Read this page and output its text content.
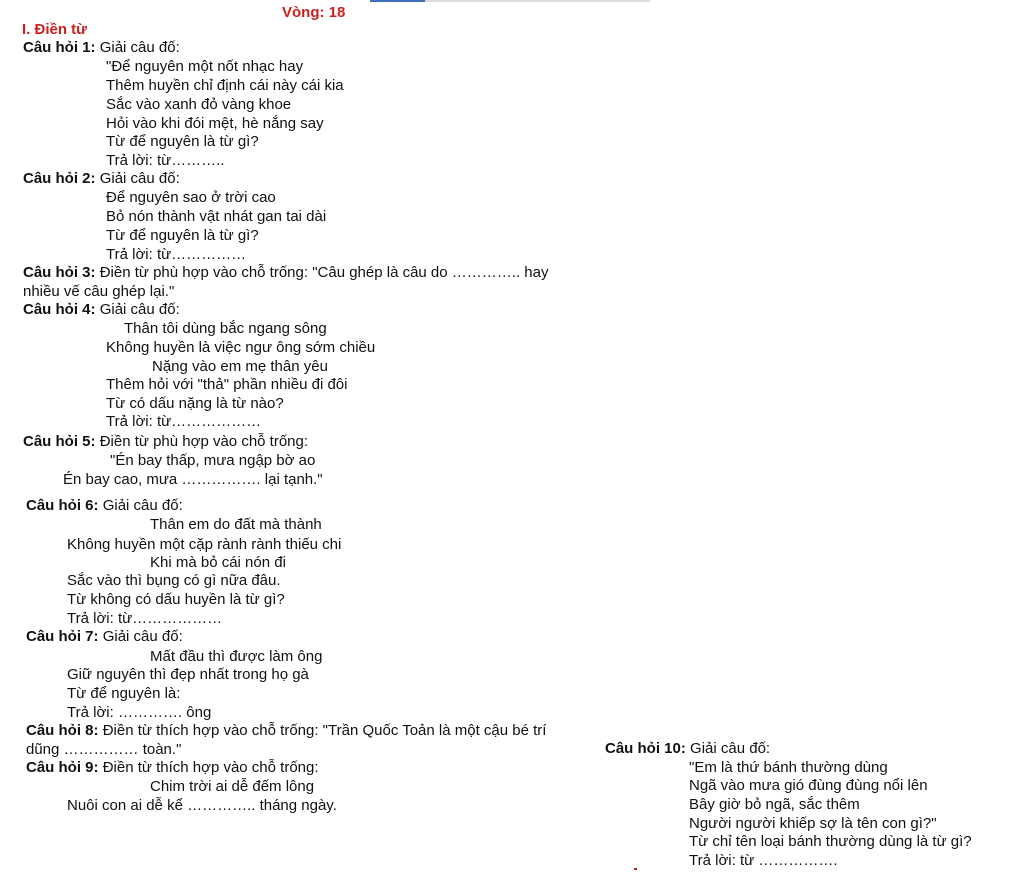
Vòng: 18
I. Điền từ
Câu hỏi 1: Giải câu đố:
"Để nguyên một nốt nhạc hay
Thêm huyền chỉ định cái này cái kia
Sắc vào xanh đỏ vàng khoe
Hỏi vào khi đói mệt, hè nắng say
Từ để nguyên là từ gì?
Trả lời: từ………..
Câu hỏi 2: Giải câu đố:
Để nguyên sao ở trời cao
Bỏ nón thành vật nhát gan tai dài
Từ để nguyên là từ gì?
Trả lời: từ……………
Câu hỏi 3: Điền từ phù hợp vào chỗ trống: "Câu ghép là câu do ………….. hay
nhiều vế câu ghép lại."
Câu hỏi 4: Giải câu đố:
Thân tôi dùng bắc ngang sông
Không huyền là việc ngư ông sớm chiều
Nặng vào em mẹ thân yêu
Thêm hỏi với "thả" phần nhiều đi đôi
Từ có dấu nặng là từ nào?
Trả lời: từ………………
Câu hỏi 5: Điền từ phù hợp vào chỗ trống:
"Én bay thấp, mưa ngập bờ ao
Én bay cao, mưa ……………. lại tạnh."
Câu hỏi 6: Giải câu đố:
Thân em do đất mà thành
Không huyền một cặp rành rành thiếu chi
Khi mà bỏ cái nón đi
Sắc vào thì bụng có gì nữa đâu.
Từ không có dấu huyền là từ gì?
Trả lời: từ………………
Câu hỏi 7: Giải câu đố:
Mất đầu thì được làm ông
Giữ nguyên thì đẹp nhất trong họ gà
Từ để nguyên là:
Trả lời: …………. ông
Câu hỏi 8: Điền từ thích hợp vào chỗ trống: "Trần Quốc Toản là một cậu bé trí
dũng …………… toàn."
Câu hỏi 9: Điền từ thích hợp vào chỗ trống:
Chim trời ai dễ đếm lông
Nuôi con ai dễ kể ………….. tháng ngày.
Câu hỏi 10: Giải câu đố:
"Em là thứ bánh thường dùng
Ngã vào mưa gió đùng đùng nổi lên
Bây giờ bỏ ngã, sắc thêm
Người người khiếp sợ là tên con gì?"
Từ chỉ tên loại bánh thường dùng là từ gì?
Trả lời: từ …………….
